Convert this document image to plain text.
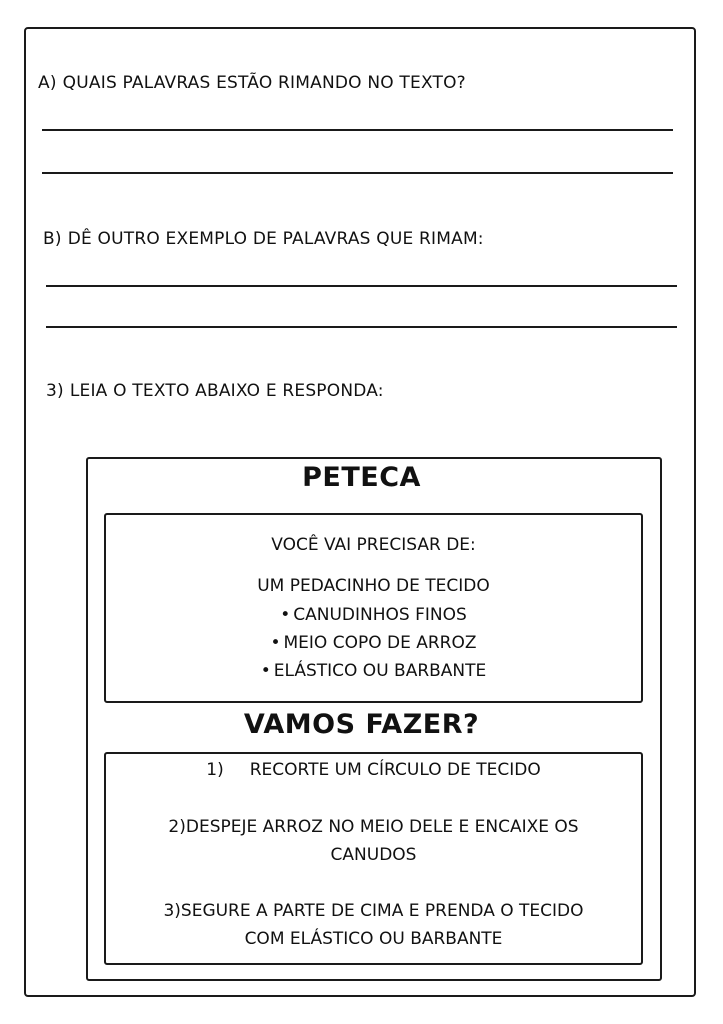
A) QUAIS PALAVRAS ESTÃO RIMANDO NO TEXTO?
B) DÊ OUTRO EXEMPLO DE PALAVRAS QUE RIMAM:
3) LEIA O TEXTO ABAIXO E RESPONDA:
PETECA
VOCÊ VAI PRECISAR DE:
UM PEDACINHO DE TECIDO
• CANUDINHOS FINOS
• MEIO COPO DE ARROZ
• ELÁSTICO OU BARBANTE
VAMOS FAZER?
1) RECORTE UM CÍRCULO DE TECIDO
2)DESPEJE ARROZ NO MEIO DELE E ENCAIXE OS
CANUDOS
3)SEGURE A PARTE DE CIMA E PRENDA O TECIDO
COM ELÁSTICO OU BARBANTE
